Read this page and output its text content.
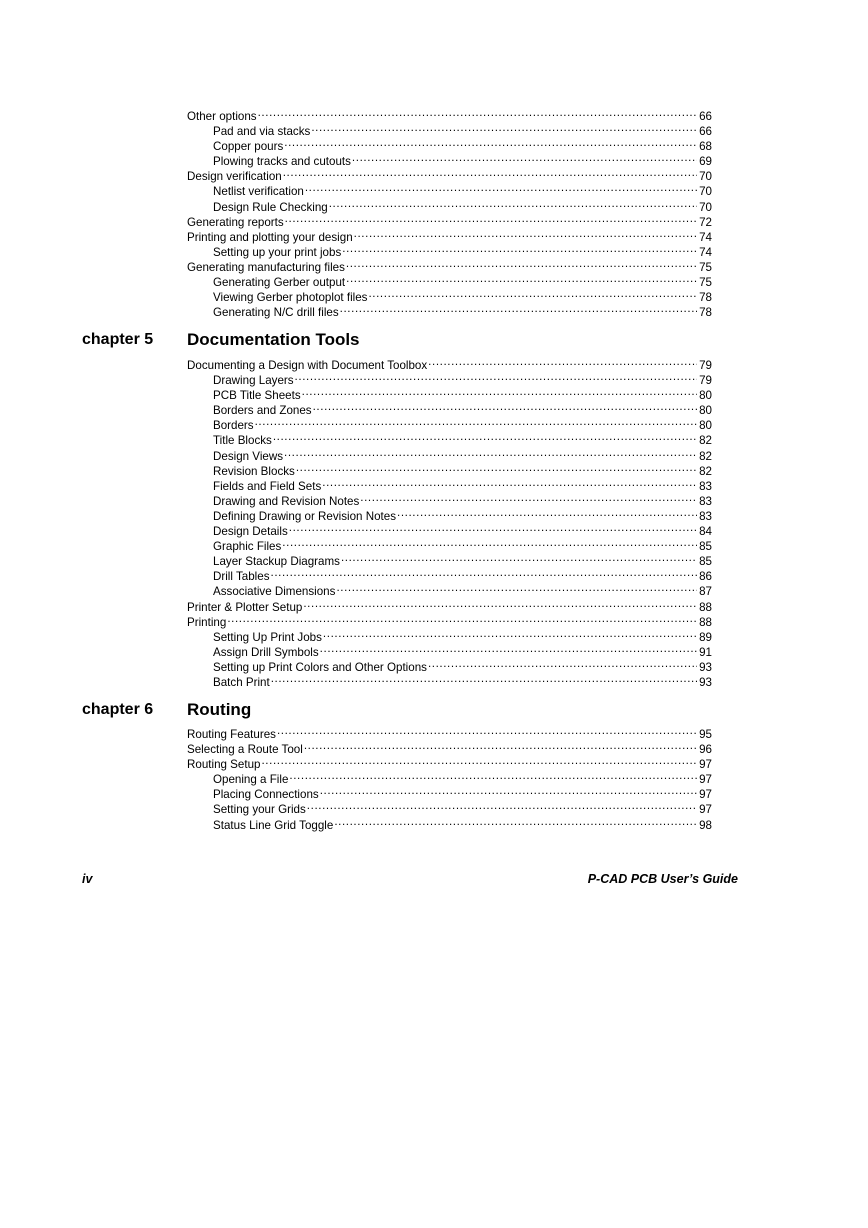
Other options .....	66
Pad and via stacks .....	66
Copper pours .....	68
Plowing tracks and cutouts .....	69
Design verification .....	70
Netlist verification .....	70
Design Rule Checking .....	70
Generating reports .....	72
Printing and plotting your design .....	74
Setting up your print jobs .....	74
Generating manufacturing files .....	75
Generating Gerber output .....	75
Viewing Gerber photoplot files .....	78
Generating N/C drill files .....	78
chapter 5 Documentation Tools
Documenting a Design with Document Toolbox .....	79
Drawing Layers .....	79
PCB Title Sheets .....	80
Borders and Zones .....	80
Borders .....	80
Title Blocks .....	82
Design Views .....	82
Revision Blocks .....	82
Fields and Field Sets .....	83
Drawing and Revision Notes .....	83
Defining Drawing or Revision Notes .....	83
Design Details .....	84
Graphic Files .....	85
Layer Stackup Diagrams .....	85
Drill Tables .....	86
Associative Dimensions .....	87
Printer & Plotter Setup .....	88
Printing .....	88
Setting Up Print Jobs .....	89
Assign Drill Symbols .....	91
Setting up Print Colors and Other Options .....	93
Batch Print .....	93
chapter 6 Routing
Routing Features .....	95
Selecting a Route Tool .....	96
Routing Setup .....	97
Opening a File .....	97
Placing Connections .....	97
Setting your Grids .....	97
Status Line Grid Toggle .....	98
iv	P-CAD PCB User’s Guide
